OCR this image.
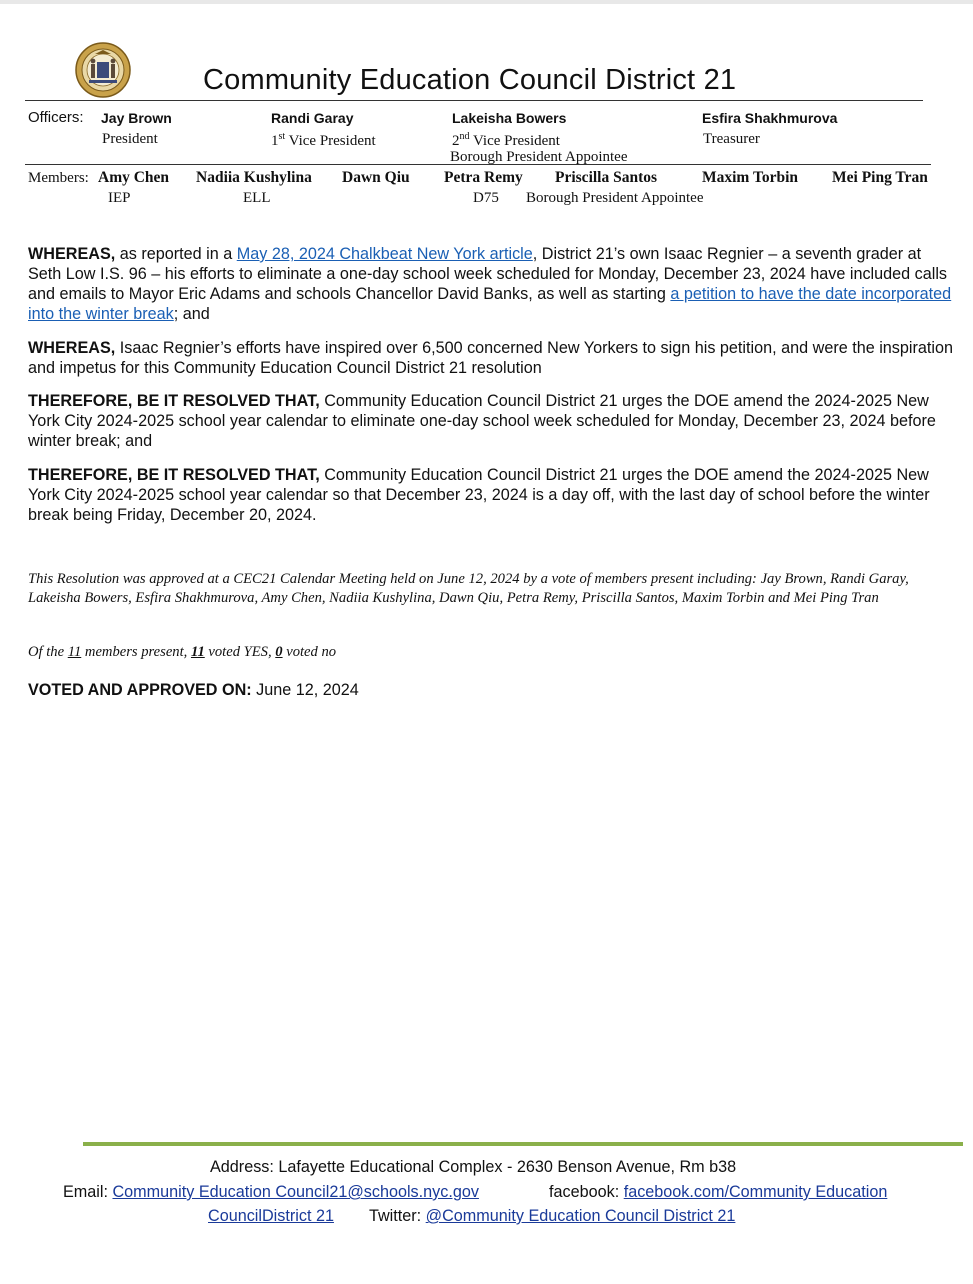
Community Education Council District 21
Officers: Jay Brown
President
Randi Garay
1st Vice President
Lakeisha Bowers
2nd Vice President
Borough President Appointee
Esfira Shakhmurova
Treasurer
Members: Amy Chen
IEP
Nadiia Kushylina
ELL
Dawn Qiu Petra Remy
D75
Priscilla Santos
Borough President Appointee
Maxim Torbin Mei Ping Tran

WHEREAS, as reported in a May 28, 2024 Chalkbeat New York article, District 21’s own Isaac Regnier – a seventh grader at Seth Low I.S. 96 – his efforts to eliminate a one-day school week scheduled for Monday, December 23, 2024 have included calls and emails to Mayor Eric Adams and schools Chancellor David Banks, as well as starting a petition to have the date incorporated into the winter break; and

WHEREAS, Isaac Regnier’s efforts have inspired over 6,500 concerned New Yorkers to sign his petition, and were the inspiration and impetus for this Community Education Council District 21 resolution

THEREFORE, BE IT RESOLVED THAT, Community Education Council District 21 urges the DOE amend the 2024-2025 New York City 2024-2025 school year calendar to eliminate one-day school week scheduled for Monday, December 23, 2024 before winter break; and

THEREFORE, BE IT RESOLVED THAT, Community Education Council District 21 urges the DOE amend the 2024-2025 New York City 2024-2025 school year calendar so that December 23, 2024 is a day off, with the last day of school before the winter break being Friday, December 20, 2024.

This Resolution was approved at a CEC21 Calendar Meeting held on June 12, 2024 by a vote of members present including: Jay Brown, Randi Garay, Lakeisha Bowers, Esfira Shakhmurova, Amy Chen, Nadiia Kushylina, Dawn Qiu, Petra Remy, Priscilla Santos, Maxim Torbin and Mei Ping Tran

Of the 11 members present, 11 voted YES, 0 voted no

VOTED AND APPROVED ON: June 12, 2024

Address: Lafayette Educational Complex - 2630 Benson Avenue, Rm b38
Email: Community Education Council21@schools.nyc.gov	facebook: facebook.com/Community Education
CouncilDistrict 21 Twitter: @Community Education Council District 21
